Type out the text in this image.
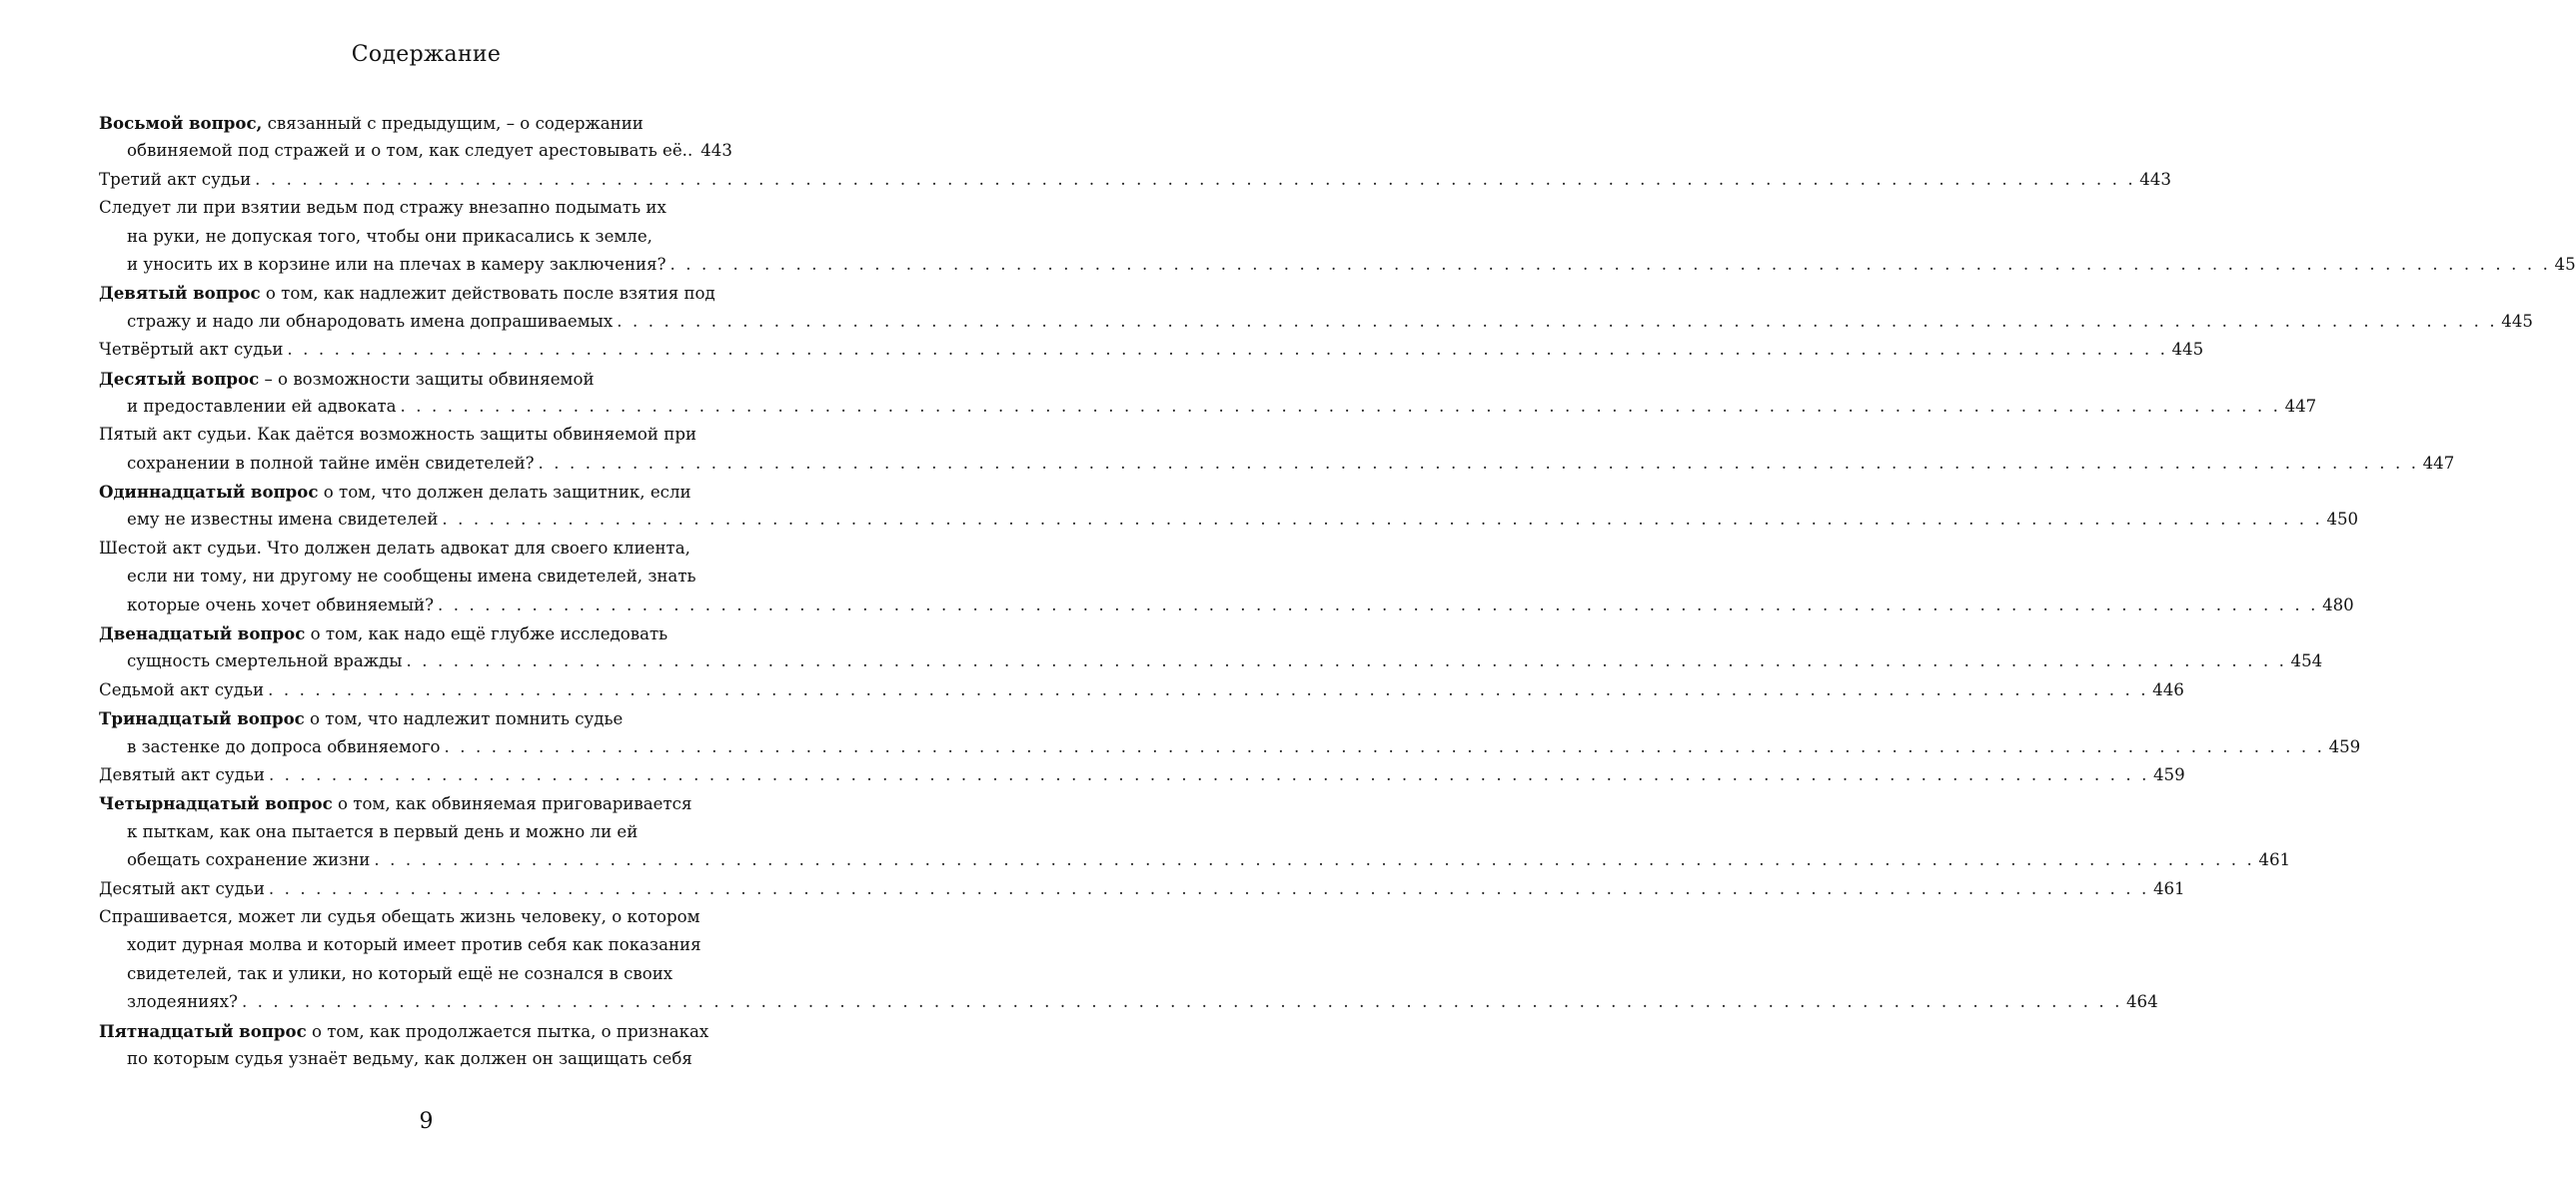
Содержание
Восьмой вопрос, связанный с предыдущим, – о содержании
обвиняемой под стражей и о том, как следует арестовывать её.. 443
Третий акт судьи . . . . . . . . . . . . . . . . . . . . . . . . . . . . . . . . . . . . . . . . . . . . . . . . . . . . . . . . . . . . . . . . . . . . . . . . . . . . . . . . . . . . . . . . . . . . . . . . . . . . . . . . . . . . . . . . . . . . . . . . 443
Следует ли при взятии ведьм под стражу внезапно подымать их
на руки, не допуская того, чтобы они прикасались к земле,
и уносить их в корзине или на плечах в камеру заключения? . . . . . . . . . . . . . . . . . . . . . . . . . . . . . . . . . . . . . . . . . . . . . . . . . . . . . . . . . . . . . . . . . . . . . . . . . . . . . . . . . . . . . . . . . . . . . . . . . . . . . . . . . . . . . . . . . . . . . . . . 45
Девятый вопрос о том, как надлежит действовать после взятия под
стражу и надо ли обнародовать имена допрашиваемых . . . . . . . . . . . . . . . . . . . . . . . . . . . . . . . . . . . . . . . . . . . . . . . . . . . . . . . . . . . . . . . . . . . . . . . . . . . . . . . . . . . . . . . . . . . . . . . . . . . . . . . . . . . . . . . . . . . . . . . . 445
Четвёртый акт судьи . . . . . . . . . . . . . . . . . . . . . . . . . . . . . . . . . . . . . . . . . . . . . . . . . . . . . . . . . . . . . . . . . . . . . . . . . . . . . . . . . . . . . . . . . . . . . . . . . . . . . . . . . . . . . . . . . . . . . . . . 445
Десятый вопрос – о возможности защиты обвиняемой
и предоставлении ей адвоката . . . . . . . . . . . . . . . . . . . . . . . . . . . . . . . . . . . . . . . . . . . . . . . . . . . . . . . . . . . . . . . . . . . . . . . . . . . . . . . . . . . . . . . . . . . . . . . . . . . . . . . . . . . . . . . . . . . . . . . . 447
Пятый акт судьи. Как даётся возможность защиты обвиняемой при
сохранении в полной тайне имён свидетелей? . . . . . . . . . . . . . . . . . . . . . . . . . . . . . . . . . . . . . . . . . . . . . . . . . . . . . . . . . . . . . . . . . . . . . . . . . . . . . . . . . . . . . . . . . . . . . . . . . . . . . . . . . . . . . . . . . . . . . . . . 447
Одиннадцатый вопрос о том, что должен делать защитник, если
ему не известны имена свидетелей . . . . . . . . . . . . . . . . . . . . . . . . . . . . . . . . . . . . . . . . . . . . . . . . . . . . . . . . . . . . . . . . . . . . . . . . . . . . . . . . . . . . . . . . . . . . . . . . . . . . . . . . . . . . . . . . . . . . . . . . 450
Шестой акт судьи. Что должен делать адвокат для своего клиента,
если ни тому, ни другому не сообщены имена свидетелей, знать
которые очень хочет обвиняемый? . . . . . . . . . . . . . . . . . . . . . . . . . . . . . . . . . . . . . . . . . . . . . . . . . . . . . . . . . . . . . . . . . . . . . . . . . . . . . . . . . . . . . . . . . . . . . . . . . . . . . . . . . . . . . . . . . . . . . . . . 480
Двенадцатый вопрос о том, как надо ещё глубже исследовать
сущность смертельной вражды . . . . . . . . . . . . . . . . . . . . . . . . . . . . . . . . . . . . . . . . . . . . . . . . . . . . . . . . . . . . . . . . . . . . . . . . . . . . . . . . . . . . . . . . . . . . . . . . . . . . . . . . . . . . . . . . . . . . . . . . 454
Седьмой акт судьи . . . . . . . . . . . . . . . . . . . . . . . . . . . . . . . . . . . . . . . . . . . . . . . . . . . . . . . . . . . . . . . . . . . . . . . . . . . . . . . . . . . . . . . . . . . . . . . . . . . . . . . . . . . . . . . . . . . . . . . . 446
Тринадцатый вопрос о том, что надлежит помнить судье
в застенке до допроса обвиняемого . . . . . . . . . . . . . . . . . . . . . . . . . . . . . . . . . . . . . . . . . . . . . . . . . . . . . . . . . . . . . . . . . . . . . . . . . . . . . . . . . . . . . . . . . . . . . . . . . . . . . . . . . . . . . . . . . . . . . . . . 459
Девятый акт судьи . . . . . . . . . . . . . . . . . . . . . . . . . . . . . . . . . . . . . . . . . . . . . . . . . . . . . . . . . . . . . . . . . . . . . . . . . . . . . . . . . . . . . . . . . . . . . . . . . . . . . . . . . . . . . . . . . . . . . . . . 459
Четырнадцатый вопрос о том, как обвиняемая приговаривается
к пыткам, как она пытается в первый день и можно ли ей
обещать сохранение жизни . . . . . . . . . . . . . . . . . . . . . . . . . . . . . . . . . . . . . . . . . . . . . . . . . . . . . . . . . . . . . . . . . . . . . . . . . . . . . . . . . . . . . . . . . . . . . . . . . . . . . . . . . . . . . . . . . . . . . . . . 461
Десятый акт судьи . . . . . . . . . . . . . . . . . . . . . . . . . . . . . . . . . . . . . . . . . . . . . . . . . . . . . . . . . . . . . . . . . . . . . . . . . . . . . . . . . . . . . . . . . . . . . . . . . . . . . . . . . . . . . . . . . . . . . . . . 461
Спрашивается, может ли судья обещать жизнь человеку, о котором
ходит дурная молва и который имеет против себя как показания
свидетелей, так и улики, но который ещё не сознался в своих
злодеяниях? . . . . . . . . . . . . . . . . . . . . . . . . . . . . . . . . . . . . . . . . . . . . . . . . . . . . . . . . . . . . . . . . . . . . . . . . . . . . . . . . . . . . . . . . . . . . . . . . . . . . . . . . . . . . . . . . . . . . . . . . 464
Пятнадцатый вопрос о том, как продолжается пытка, о признаках
по которым судья узнаёт ведьму, как должен он защищать себя
9
